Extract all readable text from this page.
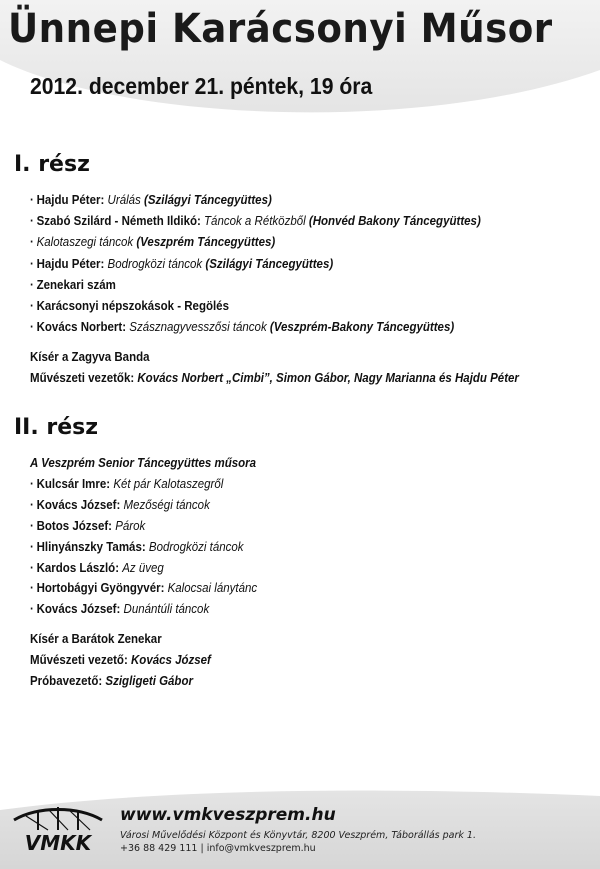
Ünnepi Karácsonyi Műsor
2012. december 21. péntek, 19 óra
I. rész
· Hajdu Péter: Urálás (Szilágyi Táncegyüttes)
· Szabó Szilárd - Németh Ildikó: Táncok a Rétközből (Honvéd Bakony Táncegyüttes)
· Kalotaszegi táncok (Veszprém Táncegyüttes)
· Hajdu Péter: Bodrogközi táncok (Szilágyi Táncegyüttes)
· Zenekari szám
· Karácsonyi népszokások - Regölés
· Kovács Norbert: Szásznagyvesszősi táncok (Veszprém-Bakony Táncegyüttes)
Kísér a Zagyva Banda
Művészeti vezetők: Kovács Norbert „Cimbi”, Simon Gábor, Nagy Marianna és Hajdu Péter
II. rész
A Veszprém Senior Táncegyüttes műsora
· Kulcsár Imre: Két pár Kalotaszegről
· Kovács József: Mezőségi táncok
· Botos József: Párok
· Hlinyánszky Tamás: Bodrogközi táncok
· Kardos László: Az üveg
· Hortobágyi Gyöngyvér: Kalocsai lánytánc
· Kovács József: Dunántúli táncok
Kísér a Barátok Zenekar
Művészeti vezető: Kovács József
Próbavezető: Szigligeti Gábor
VMKK
www.vmkveszprem.hu
Városi Művelődési Központ és Könyvtár, 8200 Veszprém, Táborállás park 1.
+36 88 429 111 | info@vmkveszprem.hu
